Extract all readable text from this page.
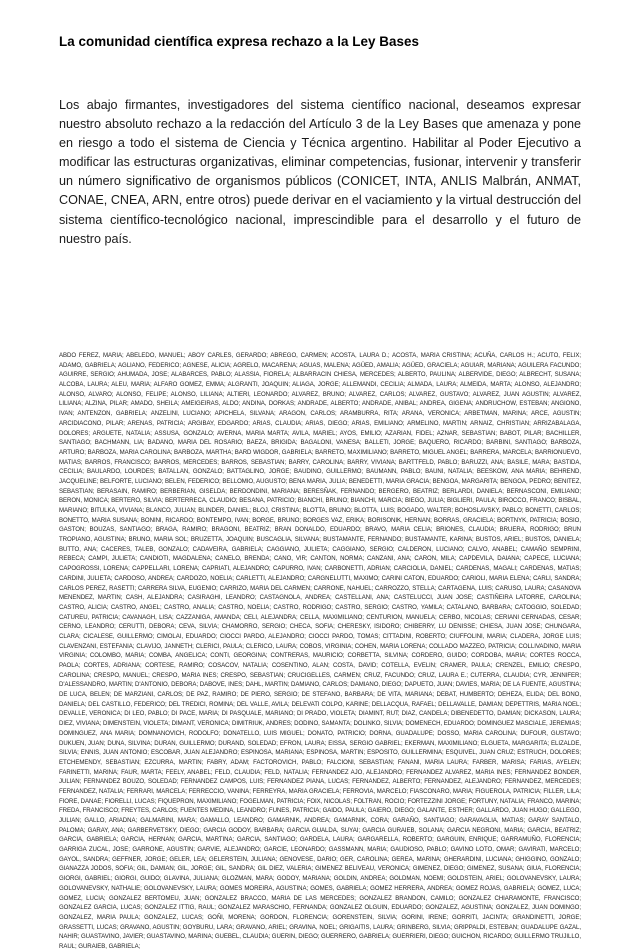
La comunidad científica expresa rechazo a la Ley Bases
Los abajo firmantes, investigadores del sistema científico nacional, deseamos expresar nuestro absoluto rechazo a la redacción del Artículo 3 de la Ley Bases que amenaza y pone en riesgo a todo el sistema de Ciencia y Técnica argentino. Habilitar al Poder Ejecutivo a modificar las estructuras organizativas, eliminar competencias, fusionar, intervenir y transferir un número significativo de organismos públicos (CONICET, INTA, ANLIS Malbrán, ANMAT, CONAE, CNEA, ARN, entre otros) puede derivar en el vaciamiento y la virtual destrucción del sistema científico-tecnológico nacional, imprescindible para el desarrollo y el futuro de nuestro país.
ABDO FEREZ, MARIA; ABELEDO, MANUEL; ABOY CARLES, GERARDO; ABREGO, CARMEN; ACOSTA, LAURA D.; ACOSTA, MARIA CRISTINA; ACUÑA, CARLOS H.; ACUTO, FELIX; ADAMO, GABRIELA; AGLIANO, FEDERICO; AGNESE, ALICIA; AGRELO, MACARENA; AGUAS, MALENA; AGÜED, AMALIA; AGÜED, GRACIELA; AGUIAR, MARIANA; AGUILERA FACUNDO; AGUIRRE, SERGIO; AHUMADA, JOSE; ALABARCES, PABLO; ALASSIA, FIORELA; ALBARRACIN CHIESA, MERCEDES; ALBERTO, PAULINA; ALBERVIDE, DIEGO; ALBRECHT, SUSANA; ALCOBA, LAURA; ALEU, MARIA; ALFARO GOMEZ, EMMA; ALGRANTI, JOAQUIN; ALIAGA, JORGE; ALLEMANDI, CECILIA; ALMADA, LAURA; ALMEIDA, MARTA; ALONSO, ALEJANDRO; ALONSO, ALVARO; ALONSO, FELIPE; ALONSO, LILIANA; ALTIERI, LEONARDO; ALVAREZ, BRUNO; ALVAREZ, CARLOS; ALVAREZ, GUSTAVO; ALVAREZ, JUAN AGUSTIN; ALVAREZ, LILIANA; ALZINA, PILAR; AMADO, SHEILA; AMEIGEIRAS, ALDO; ANDINA, DORKAS; ANDRADE, ALBERTO; ANDRADE, ANIBAL; ANDREA, GIGENA; ANDRUCHOW, ESTEBAN; ANGIONO, IVAN; ANTENZON, GABRIELA; ANZELINI, LUCIANO; APICHELA, SILVANA; ARAGON, CARLOS; ARAMBURRA, RITA; ARANA, VERONICA; ARBETMAN, MARINA; ARCE, AGUSTIN; ARCIDIACONO, PILAR; ARENAS, PATRICIA; ARGIBAY, EDGARDO; ARIAS, CLAUDIA; ARIAS, DIEGO; ARIAS, EMILIANO; ARMELINO, MARTIN; ARNAIZ, CHRISTIAN; ARRIZABALAGA, DOLORES; ARGUETE, NATALIA; ASSUSA, GONZALO; AVERNA, MARIA MARTA; AVILA, MARIEL; AYOS, EMILIO; AZARIAN, FIDEL; AZNAR, SEBASTIAN; BABOT, PILAR; BACHILLER, SANTIAGO; BACHMANN, LIA; BADANO, MARIA DEL ROSARIO; BAEZA, BRIGIDA; BAGALONI, VANESA; BALLETI, JORGE; BAQUERO, RICARDO; BARBINI, SANTIAGO; BARBOZA, ARTURO; BARBOZA, MARIA CAROLINA; BARBOZA, MARTHA; BARD WIGDOR, GABRIELA; BARRETO, MAXIMILIANO; BARRETO, MIGUEL ANGEL; BARRERA, MARCELA; BARRIONUEVO, MATIAS; BARROS, FRANCISCO; BARROS, MERCEDES; BARROS, SEBASTIAN; BARRY, CAROLINA; BARRY, VIVIANA; BARTTFELD, PABLO; BARUZZI, ANA; BASILE, MARA; BASTIDA, CECILIA; BAULARDO, LOURDES; BATALLAN, GONZALO; BATTAGLINO, JORGE; BAUDINO, GUILLERMO; BAUMANN, PABLO; BAUNI, NATALIA; BEESKOW, ANA MARIA; BEHREND, JACQUELINE; BELFORTE, LUCIANO; BELEN, FEDERICO; BELLOMIO, AUGUSTO; BENA MARIA, JULIA; BENEDETTI, MARIA GRACIA; BENGOA, MARGARITA; BENGOA, PEDRO; BENITEZ, SEBASTIAN; BERASAIN, RAMIRO; BERBERIAN, GISELDA; BERDONDINI, MARIANA; BERESÑAK, FERNANDO; BERGERO, BEATRIZ; BERLARDI, DANIELA; BERNASCONI, EMILIANO; BERON, MONICA; BERTERO, SILVIA; BERTERRECA, CLAUDIO; BESANA, PATRICIO; BIANCHI, BRUNO; BIANCHI, MARCIA; BIEGO, JULIA; BIGLIERI, PAULA; BIROCCO, FRANCO; BISBAL, MARIANO; BITULKA, VIVIANA; BLANCO, JULIAN; BLINDER, DANIEL; BLOJ, CRISTINA; BLOTTA, BRUNO; BLOTTA, LUIS; BOGADO, WALTER; BOHOSLAVSKY, PABLO; BONETTI, CARLOS; BONETTO, MARIA SUSANA; BONINI, RICARDO; BONTEMPO, IVAN; BORGE, BRUNO; BORGES VAZ, ERIKA; BORISONIK, HERNAN; BORRAS, GRACIELA; BORTNYK, PATRICIA; BOSIO, GASTON; BOUZAS, SANTIAGO; BRAGA, RAMIRO; BRAGONI, BEATRIZ; BRAN DONALDO, EDUARDO; BRAVO, MARIA CELIA; BRIONES, CLAUDIA; BRUERA, RODRIGO; BRUN TROPIANO, AGUSTINA; BRUNO, MARIA SOL; BRUZETTA, JOAQUIN; BUSCAGLIA, SILVANA; BUSTAMANTE, FERNANDO; BUSTAMANTE, KARINA; BUSTOS, ARIEL; BUSTOS, DANIELA; BUTTO, ANA; CACERES, TALEB, GONZALO; CADAVEIRA, GABRIELA; CAGGIANO, JULIETA; CAGGIANO, SERGIO; CALDERON, LUCIANO; CALVO, ANABEL; CAMAÑO SEMPRINI, REBECA; CAMPI, JULIETA; CANDIOTI, MAGDALENA; CANELO, BRENDA; CANO, VIR; CANTON, NORMA; CANZANI, ANA; CARON, MILA; CAPDEVILA, DAIANA; CAPECE, LUCIANA; CAPOGROSSI, LORENA; CAPPELLARI, LORENA; CAPRIATI, ALEJANDRO; CAPURRO, IVAN; CARBONETTI, ADRIAN; CARCIOLIA, DANIEL; CARDENAS, MAGALI; CARDENAS, MATIAS; CARDINI, JULIETA; CARDOSO, ANDREA; CARDOZO, NOELIA; CARLETTI, ALEJANDRO; CARGNELUTTI, MAXIMO; CARINI CATON, EDUARDO; CARIOLI, MARIA ELENA; CARLI, SANDRA; CARLOS PEREZ, RASETTI; CARRERA SILVA, EUGENIO; CARRIZO, MARIA DEL CARMEN; CARRONE, NAHUEL; CARROZZO, STELLA; CARTAGENA, LUIS; CARUSO, LAURA; CASANOVA MENENDEZ, MARTIN; CASH, ALEJANDRA; CASIRAGHI, LEANDRO; CASTAGNOLA, ANDREA; CASTELLANI, ANA; CASTELUCCI, JUAN JOSE; CASTIÑEIRA LATORRE, CAROLINA; CASTRO, ALICIA; CASTRO, ANGEL; CASTRO, ANALIA; CASTRO, NOELIA; CASTRO, RODRIGO; CASTRO, SERGIO; CASTRO, YAMILA; CATALANO, BARBARA; CATOGGIO, SOLEDAD; CATUREU, PATRICIA; CAVANAGH, LISA; CAZZANIGA, AMANDA; CELI, ALEJANDRA; CELLA, MAXIMILIANO; CENTURION, MANUELA; CERBO, NICOLAS; CERIANI CERNADAS, CESAR; CERNO, LEANDRO; CERUTTI, DEBORA; CEVA, SILVIA; CHAMORRO, SERGIO; CHECA, SOFIA; CHERESKY, ISIDORO; CHIBERRY, LU DENISSE; CHIESA, JUAN JOSE; CHUNGARA, CLARA; CICALESE, GUILLERMO; CIMOLAI, EDUARDO; CIOCCI PARDO, ALEJANDRO; CIOCCI PARDO, TOMAS; CITTADINI, ROBERTO; CIUFFOLINI, MARIA; CLADERA, JORGE LUIS; CLAVENZANI, ESTEFANIA; CLAVIJO, JANNETH; CLERICI, PAULA; CLERICO, LAURA; COBOS, VIRGINIA; COHEN, MARIA LORENA; COLLADO MAZZEO, PATRICIA; COLLIVADINO, MARIA VIRGINIA; COLOMBO, MARIA; COMBA, ANGELICA; CONTI, GEORGINA; CONTRERAS, MAURICIO; CORBETTA, SILVINA; CORDERO, GUIDO; CORDOBA, MARIA; CORTES ROCCA, PAOLA; CORTES, ADRIANA; CORTESE, RAMIRO; COSACOV, NATALIA; COSENTINO, ALAN; COSTA, DAVID; COTELLA, EVELIN; CRAMER, PAULA; CRENZEL, EMILIO; CRESPO, CAROLINA; CRESPO, MANUEL; CRESPO, MARIA INES; CRESPO, SEBASTIAN; CRUCIGELLES, CARMEN; CRUZ, FACUNDO; CRUZ, LAURA E.; CUTERRA, CLAUDIA; CYR, JENNIFER; D'ALESSANDRO, MARTIN; D'ANTONIO, DEBORA; DABOVE, INES; DAHL, MARTIN; DAMIANO, CARLOS; DAMIANO, DIEGO; DAPUETO, JUAN; DAVIES, MARIA; DE LA FUENTE, AGUSTINA; DE LUCA, BELEN; DE MARZIANI, CARLOS; DE PAZ, RAMIRO; DE PIERO, SERGIO; DE STEFANO, BARBARA; DE VITA, MARIANA; DEBAT, HUMBERTO; DEHEZA, ELIDA; DEL BONO, DANIELA; DEL CASTILLO, FEDERICO; DEL TREDICI, ROMINA; DEL VALLE, AVILA; DELEVATI COLPO, KARINE; DELLACQUA, RAFAEL; DELLAVALLE, DAMIAN; DEPETTRIS, MARIA NOEL; DEVALLE, VERONICA; DI LEO, PABLO; DI PACE, MARIA; DI PASQUALE, MARIANO; DI PRADO, VIOLETA; DIAMINT, RUT; DIAZ, CANDELA; DIBENEDETTO, DAMIAN; DICKASON, LAURA; DIEZ, VIVIANA; DIMENSTEIN, VIOLETA; DIMANT, VERONICA; DIMITRIUK, ANDRES; DODINO, SAMANTA; DOLINKO, SILVIA; DOMENECH, EDUARDO; DOMINGUEZ MASCIALE, JEREMIAS; DOMINGUEZ, ANA MARIA; DOMNANOVICH, RODOLFO; DONATELLO, LUIS MIGUEL; DONATO, PATRICIO; DORNA, GUADALUPE; DOSSO, MARIA CAROLINA; DUFOUR, GUSTAVO; DUKUEN, JUAN; DUNA, SILVINA; DURAN, GUILLERMO; DURAND, SOLEDAD; EFRON, LAURA; EISSA, SERGIO GABRIEL; EKERMAN, MAXIMILIANO; ELGUETA, MARGARITA; ELIZALDE, SILVIA; ENNIS, JUAN ANTONIO; ESCOBAR, JUAN ALEJANDRO; ESPINOSA, MARIANA; ESPINOSA, MARTIN; ESPOSITO, GUILLERMINA; ESQUIVEL, JUAN CRUZ; ESTRUCH, DOLORES; ETCHEMENDY, SEBASTIAN; EZCURRA, MARTIN; FABRY, ADAM; FACTOROVICH, PABLO; FALCIONI, SEBASTIAN; FANANI, MARIA LAURA; FARBER, MARISA; FARIAS, AYELEN; FARINETTI, MARINA; FAUR, MARTA; FEELY, ANABEL; FELD, CLAUDIA; FELD, NATALIA; FERNANDEZ AJO, ALEJANDRO; FERNANDEZ ALVAREZ, MARIA INES; FERNANDEZ BONDER, JULIAN; FERNANDEZ BOUZO, SOLEDAD; FERNANDEZ CAMPOS, LUIS; FERNANDEZ PIANA, LUCAS; FERNANDEZ, ALBERTO; FERNANDEZ, ALEJANDRO; FERNANDEZ, MERCEDES; FERNANDEZ, NATALIA; FERRARI, MARCELA; FERRECCIO, VANINA; FERREYRA, MARIA GRACIELA; FERROVIA, MARCELO; FIASCONARO, MARIA; FIGUEROLA, PATRICIA; FILLER, LILA; FIORE, DANAE; FIORELLI, LUCAS; FIQUEPRON, MAXIMILIANO; FOGELMAN, PATRICIA; FOIX, NICOLAS; FOLTRAN, ROCIO; FORTEZZINI JORGE; FORTUNY, NATALIA; FRANCO, MARINA; FREDA, FRANCISCO; FREYTES, CARLOS; FUENTES MEDINA, LEANDRO; FUNES, PATRICIA; GAIDO, PAULA; GAIERO, DIEGO; GALANTE, ESTHER; GALLARDO, JUAN HUGO; GALLEGO, JULIAN; GALLO, ARIADNA; GALMARINI, MARA; GAMALLO, LEANDRO; GAMARNIK, ANDREA; GAMARNIK, CORA; GARAÑO, SANTIAGO; GARAVAGLIA, MATIAS; GARAY SANTALO, PALOMA; GARAY, ANA; GARBERVETSKY, DIEGO; GARCIA GODOY, BARBARA; GARCIA GUALDA, SUYAI; GARCIA GURAIEB, SOLANA; GARCIA NEGRONI, MARIA; GARCIA, BEATRIZ; GARCIA, GABRIELA; GARCIA, HERNAN; GARCIA, MARTINA; GARCIA, SANTIAGO; GARDELA, LAURA; GARGARELLA, ROBERTO; GARGUIN, ENRIQUE; GARRAMUÑO, FLORENCIA; GARRIGA ZUCAL, JOSE; GARRONE, AGUSTIN; GARVIE, ALEJANDRO; GARCIE, LEONARDO; GASSMANN, MARIA; GAUDIOSO, PABLO; GAVINO LOTO, OMAR; GAVIRATI, MARCELO; GAYOL, SANDRA; GEFFNER, JORGE; GELER, LEA; GELERSTEIN, JULIANA; GENOVESE, DARIO; GER, CAROLINA; GEREA, MARINA; GHERARDINI, LUCIANA; GHIGGINO, GONZALO; GIANAZZA JODOS, SOFIA; GIL, DAMIAN; GIL, JORGE; GIL, SANDRA; GIL DIEZ, VALERIA; GIMENEZ BELIVEAU, VERONICA; GIMENEZ, DIEGO; GIMENEZ, SUSANA; GIUA, FLORENCIA; GIORGI, GABRIEL; GIORGI, GUIDO; GLAVINA, JULIANA; GLOZMAN, MARA; GODOY, MARIANA; GOLDIN, ANDREA; GOLDMAN, NOEMI; GOLDSTEIN, ARIEL; GOLOVANEVSKY, LAURA; GOLOVANEVSKY, NATHALIE; GOLOVANEVSKY, LAURA; GOMES MOREIRA, AGUSTINA; GOMES, GABRIELA; GOMEZ HERRERA, ANDREA; GOMEZ ROJAS, GABRIELA; GOMEZ, LUCA; GOMEZ, LUCIA; GONZALEZ BERTOMEU, JUAN; GONZALEZ BRACCO, MARIA DE LAS MERCEDES; GONZALEZ BRANDON, CAMILO; GONZALEZ CHIARAMONTE, FRANCISCO; GONZALEZ GARCIA, LUCAS; GONZALEZ ITTIG, RAUL; GONZALEZ MARASCHIO, FERNANDA; GONZALEZ OLGUIN, EDUARDO; GONZALEZ, AGUSTINA; GONZALEZ, JUAN DOMINGO; GONZALEZ, MARIA PAULA; GONZALEZ, LUCAS; GOÑI, MORENA; GORDON, FLORENCIA; GORENSTEIN, SILVIA; GORINI, IRENE; GORRITI, JACINTA; GRANDINETTI, JORGE; GRASSETTI, LUCAS; GRAVANO, AGUSTIN; GOYBURU, LARA; GRAVANO, ARIEL; GRAVINA, NOEL; GRIGAITIS, LAURA; GRINBERG, SILVIA; GRIPPALDI, ESTEBAN; GUADALUPE GAZAL, NAHIR; GUASTAVINO, JAVIER; GUASTAVINO, MARINA; GUEBEL, CLAUDIA; GUERIN, DIEGO; GUERRERO, GABRIELA; GUERRIERI, DIEGO; GUICHON, RICARDO; GUILLERMO TRUJILLO, RAUL; GURAIEB, GABRIELA;
